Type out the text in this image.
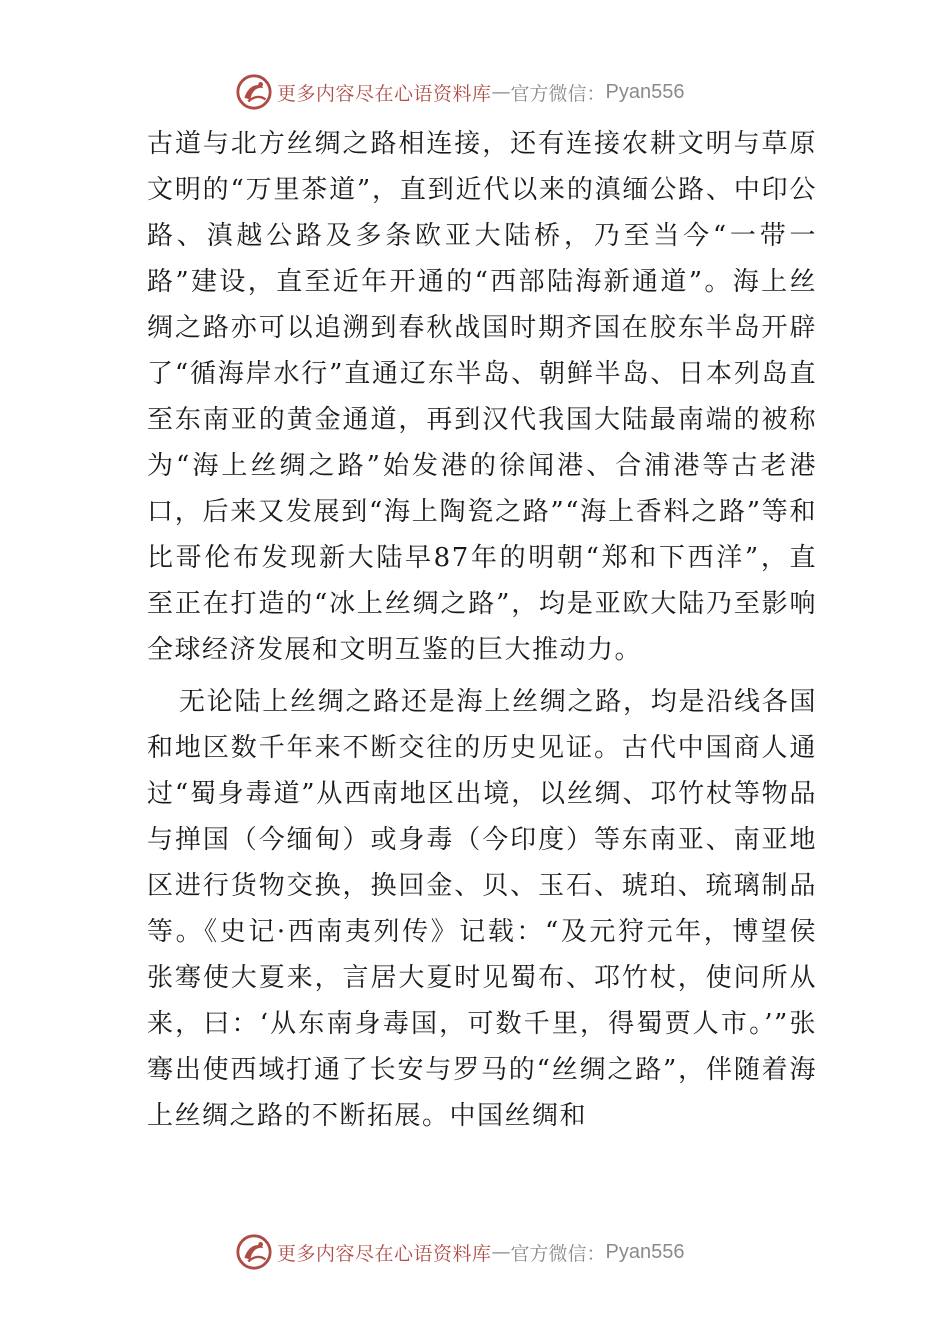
更多内容尽在心语资料库 — 官方微信： Pyan556

古道与北方丝绸之路相连接，还有连接农耕文明与草原文明的“万里茶道”，直到近代以来的滇缅公路、中印公路、滇越公路及多条欧亚大陆桥，乃至当今“一带一路”建设，直至近年开通的“西部陆海新通道”。海上丝绸之路亦可以追溯到春秋战国时期齐国在胶东半岛开辟了“循海岸水行”直通辽东半岛、朝鲜半岛、日本列岛直至东南亚的黄金通道，再到汉代我国大陆最南端的被称为“海上丝绸之路”始发港的徐闻港、合浦港等古老港口，后来又发展到“海上陶瓷之路”“海上香料之路”等和比哥伦布发现新大陆早87年的明朝“郑和下西洋”，直至正在打造的“冰上丝绸之路”，均是亚欧大陆乃至影响全球经济发展和文明互鉴的巨大推动力。

无论陆上丝绸之路还是海上丝绸之路，均是沿线各国和地区数千年来不断交往的历史见证。古代中国商人通过“蜀身毒道”从西南地区出境，以丝绸、邛竹杖等物品与掸国（今缅甸）或身毒（今印度）等东南亚、南亚地区进行货物交换，换回金、贝、玉石、琥珀、琉璃制品等。《史记·西南夷列传》记载：“及元狩元年，博望侯张骞使大夏来，言居大夏时见蜀布、邛竹杖，使问所从来，曰：‘从东南身毒国，可数千里，得蜀贾人市。’”张骞出使西域打通了长安与罗马的“丝绸之路”，伴随着海上丝绸之路的不断拓展。中国丝绸和

更多内容尽在心语资料库 — 官方微信： Pyan556
